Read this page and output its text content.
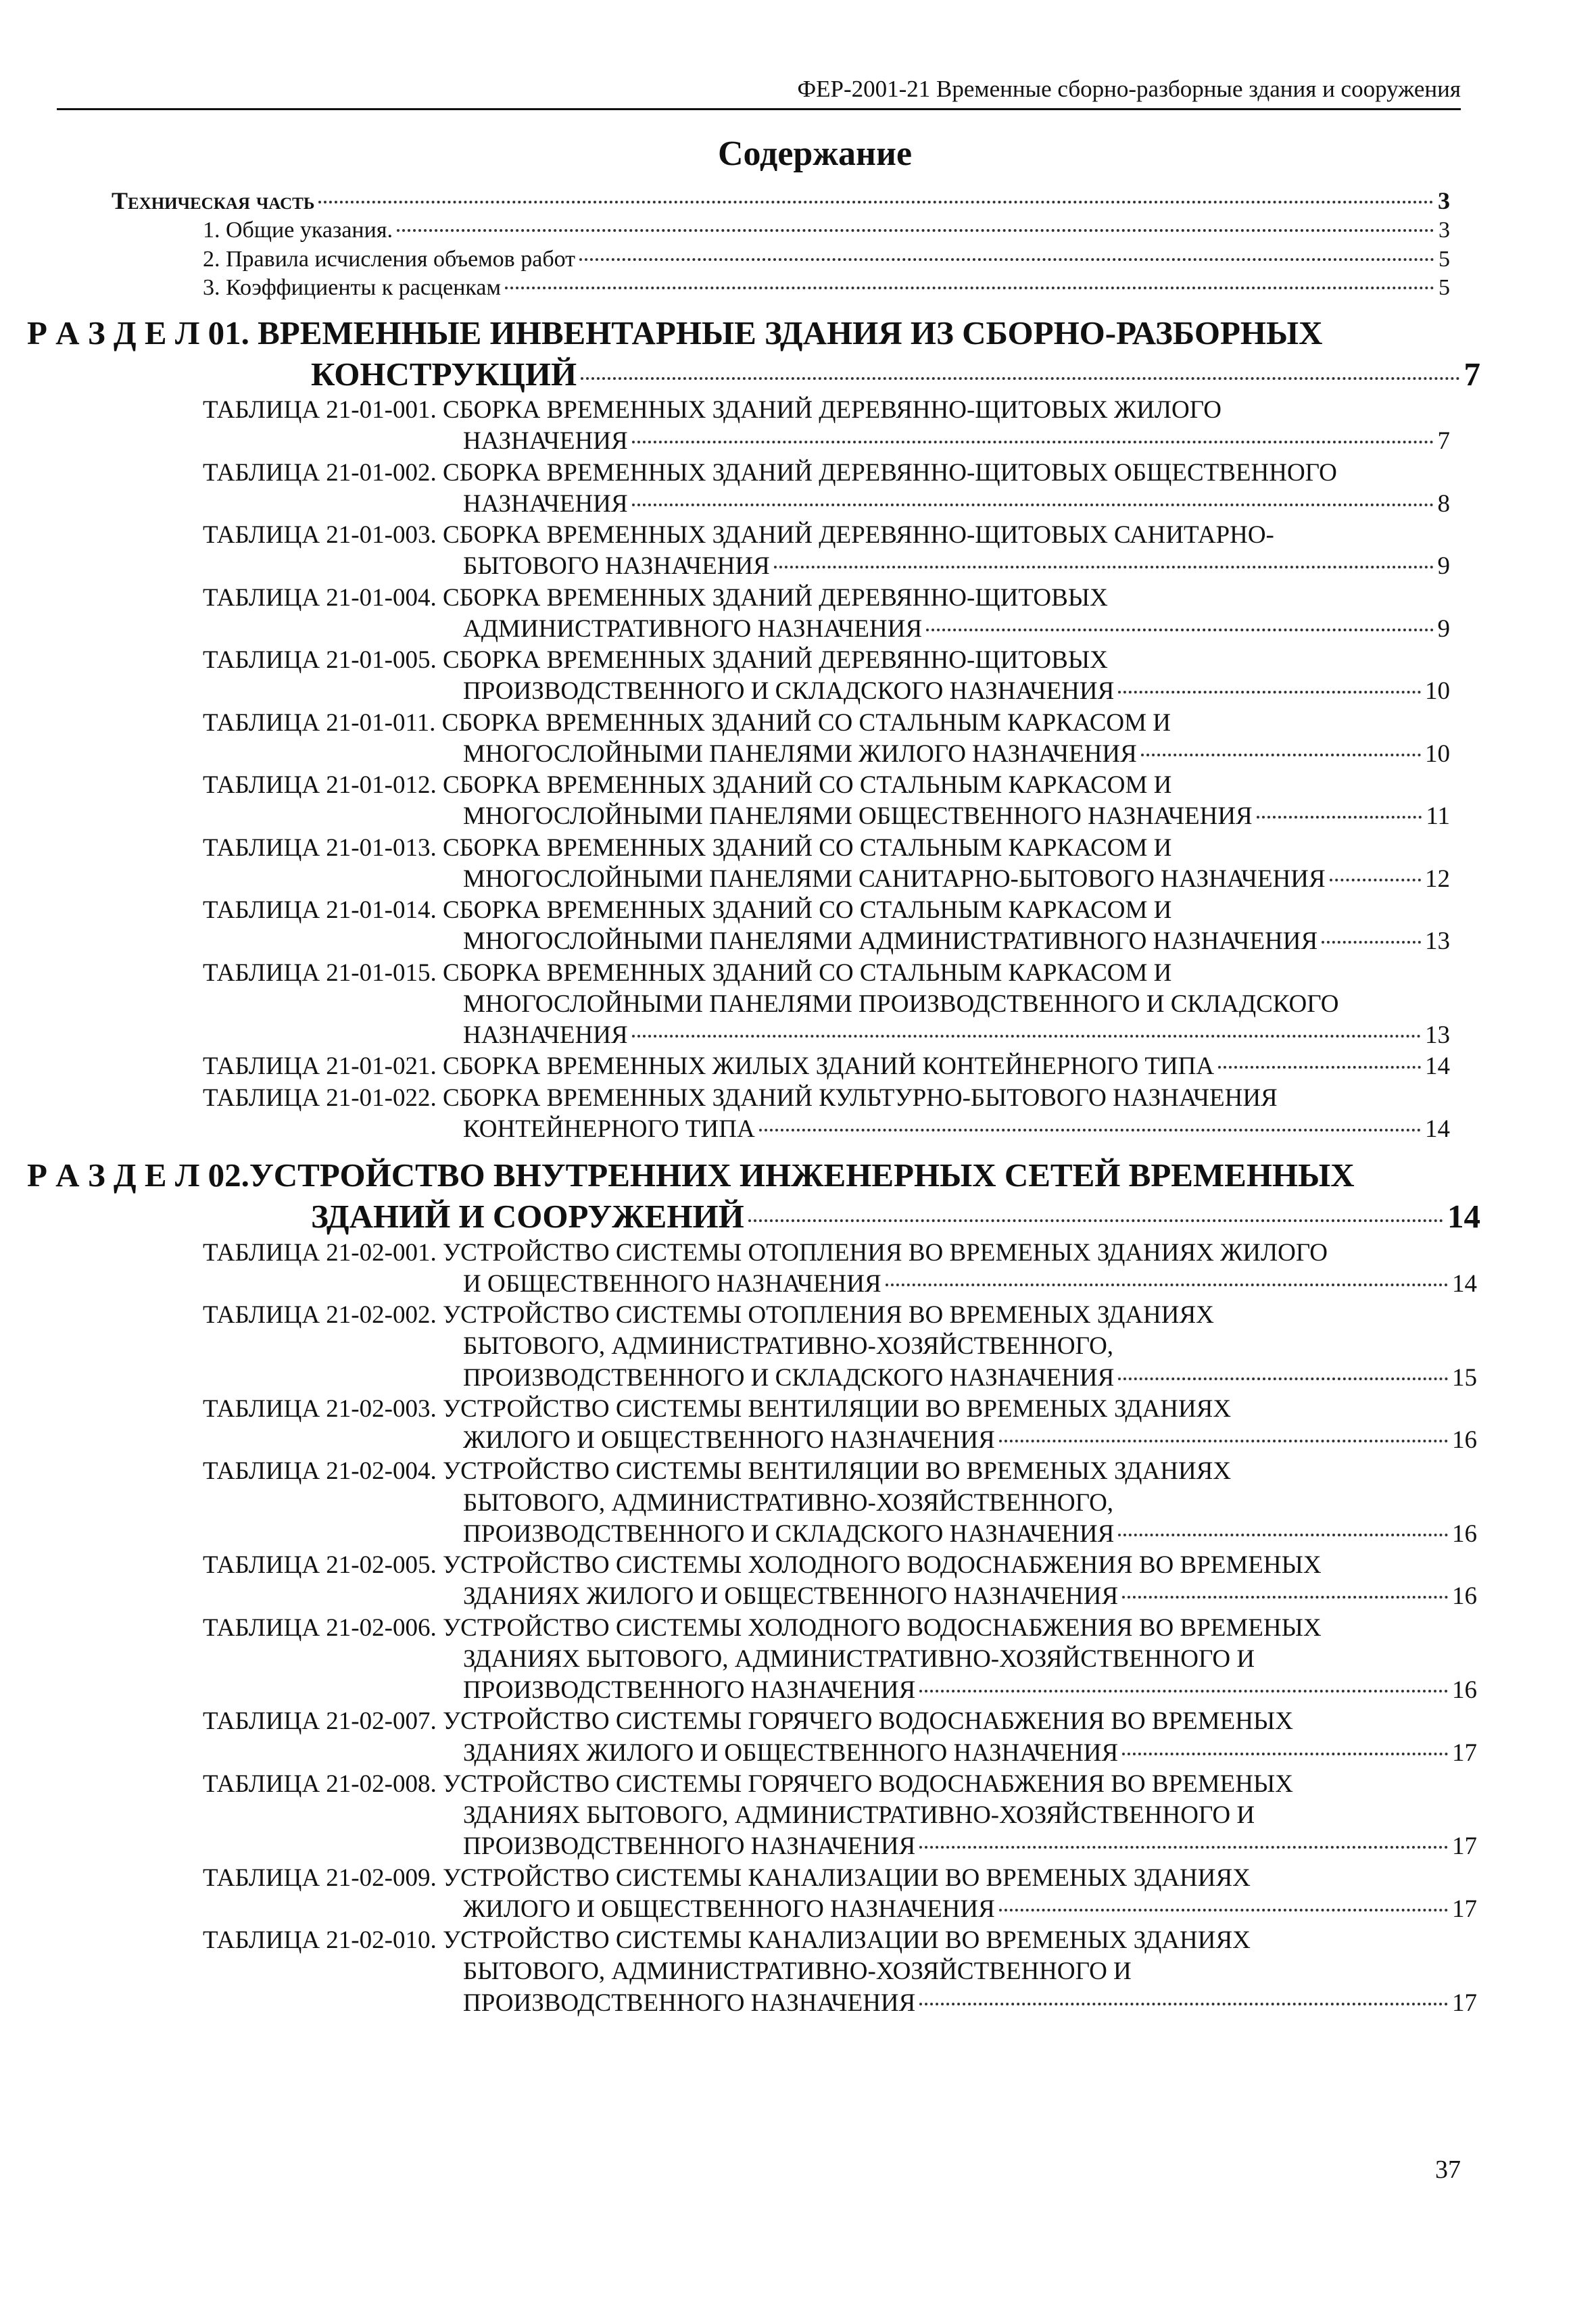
ФЕР-2001-21 Временные сборно-разборные здания и сооружения
Содержание
Техническая часть	3
1. Общие указания.	3
2. Правила исчисления объемов работ	5
3. Коэффициенты к расценкам	5
Р А З Д Е Л 01. ВРЕМЕННЫЕ ИНВЕНТАРНЫЕ ЗДАНИЯ ИЗ СБОРНО-РАЗБОРНЫХ
КОНСТРУКЦИЙ	7
ТАБЛИЦА 21-01-001. СБОРКА ВРЕМЕННЫХ ЗДАНИЙ ДЕРЕВЯННО-ЩИТОВЫХ ЖИЛОГО
НАЗНАЧЕНИЯ	7
ТАБЛИЦА 21-01-002. СБОРКА ВРЕМЕННЫХ ЗДАНИЙ ДЕРЕВЯННО-ЩИТОВЫХ ОБЩЕСТВЕННОГО
НАЗНАЧЕНИЯ	8
ТАБЛИЦА 21-01-003. СБОРКА ВРЕМЕННЫХ ЗДАНИЙ ДЕРЕВЯННО-ЩИТОВЫХ САНИТАРНО-
БЫТОВОГО НАЗНАЧЕНИЯ	9
ТАБЛИЦА 21-01-004. СБОРКА ВРЕМЕННЫХ ЗДАНИЙ ДЕРЕВЯННО-ЩИТОВЫХ
АДМИНИСТРАТИВНОГО НАЗНАЧЕНИЯ	9
ТАБЛИЦА 21-01-005. СБОРКА ВРЕМЕННЫХ ЗДАНИЙ ДЕРЕВЯННО-ЩИТОВЫХ
ПРОИЗВОДСТВЕННОГО И СКЛАДСКОГО НАЗНАЧЕНИЯ	10
ТАБЛИЦА 21-01-011. СБОРКА ВРЕМЕННЫХ ЗДАНИЙ СО СТАЛЬНЫМ КАРКАСОМ И
МНОГОСЛОЙНЫМИ ПАНЕЛЯМИ ЖИЛОГО НАЗНАЧЕНИЯ	10
ТАБЛИЦА 21-01-012. СБОРКА ВРЕМЕННЫХ ЗДАНИЙ СО СТАЛЬНЫМ КАРКАСОМ И
МНОГОСЛОЙНЫМИ ПАНЕЛЯМИ ОБЩЕСТВЕННОГО НАЗНАЧЕНИЯ	11
ТАБЛИЦА 21-01-013. СБОРКА ВРЕМЕННЫХ ЗДАНИЙ СО СТАЛЬНЫМ КАРКАСОМ И
МНОГОСЛОЙНЫМИ ПАНЕЛЯМИ САНИТАРНО-БЫТОВОГО НАЗНАЧЕНИЯ	12
ТАБЛИЦА 21-01-014. СБОРКА ВРЕМЕННЫХ ЗДАНИЙ СО СТАЛЬНЫМ КАРКАСОМ И
МНОГОСЛОЙНЫМИ ПАНЕЛЯМИ АДМИНИСТРАТИВНОГО НАЗНАЧЕНИЯ	13
ТАБЛИЦА 21-01-015. СБОРКА ВРЕМЕННЫХ ЗДАНИЙ СО СТАЛЬНЫМ КАРКАСОМ И
МНОГОСЛОЙНЫМИ ПАНЕЛЯМИ ПРОИЗВОДСТВЕННОГО И СКЛАДСКОГО
НАЗНАЧЕНИЯ	13
ТАБЛИЦА 21-01-021. СБОРКА ВРЕМЕННЫХ ЖИЛЫХ ЗДАНИЙ КОНТЕЙНЕРНОГО ТИПА	14
ТАБЛИЦА 21-01-022. СБОРКА ВРЕМЕННЫХ ЗДАНИЙ КУЛЬТУРНО-БЫТОВОГО НАЗНАЧЕНИЯ
КОНТЕЙНЕРНОГО ТИПА	14
Р А З Д Е Л 02.УСТРОЙСТВО ВНУТРЕННИХ ИНЖЕНЕРНЫХ СЕТЕЙ ВРЕМЕННЫХ
ЗДАНИЙ И СООРУЖЕНИЙ	14
ТАБЛИЦА 21-02-001. УСТРОЙСТВО СИСТЕМЫ ОТОПЛЕНИЯ ВО ВРЕМЕНЫХ ЗДАНИЯХ ЖИЛОГО
И ОБЩЕСТВЕННОГО НАЗНАЧЕНИЯ	14
ТАБЛИЦА 21-02-002. УСТРОЙСТВО СИСТЕМЫ ОТОПЛЕНИЯ ВО ВРЕМЕНЫХ ЗДАНИЯХ
БЫТОВОГО, АДМИНИСТРАТИВНО-ХОЗЯЙСТВЕННОГО,
ПРОИЗВОДСТВЕННОГО И СКЛАДСКОГО НАЗНАЧЕНИЯ	15
ТАБЛИЦА 21-02-003. УСТРОЙСТВО СИСТЕМЫ ВЕНТИЛЯЦИИ ВО ВРЕМЕНЫХ ЗДАНИЯХ
ЖИЛОГО И ОБЩЕСТВЕННОГО НАЗНАЧЕНИЯ	16
ТАБЛИЦА 21-02-004. УСТРОЙСТВО СИСТЕМЫ ВЕНТИЛЯЦИИ ВО ВРЕМЕНЫХ ЗДАНИЯХ
БЫТОВОГО, АДМИНИСТРАТИВНО-ХОЗЯЙСТВЕННОГО,
ПРОИЗВОДСТВЕННОГО И СКЛАДСКОГО НАЗНАЧЕНИЯ	16
ТАБЛИЦА 21-02-005. УСТРОЙСТВО СИСТЕМЫ ХОЛОДНОГО ВОДОСНАБЖЕНИЯ ВО ВРЕМЕНЫХ
ЗДАНИЯХ ЖИЛОГО И ОБЩЕСТВЕННОГО НАЗНАЧЕНИЯ	16
ТАБЛИЦА 21-02-006. УСТРОЙСТВО СИСТЕМЫ ХОЛОДНОГО ВОДОСНАБЖЕНИЯ ВО ВРЕМЕНЫХ
ЗДАНИЯХ БЫТОВОГО, АДМИНИСТРАТИВНО-ХОЗЯЙСТВЕННОГО И
ПРОИЗВОДСТВЕННОГО НАЗНАЧЕНИЯ	16
ТАБЛИЦА 21-02-007. УСТРОЙСТВО СИСТЕМЫ ГОРЯЧЕГО ВОДОСНАБЖЕНИЯ ВО ВРЕМЕНЫХ
ЗДАНИЯХ ЖИЛОГО И ОБЩЕСТВЕННОГО НАЗНАЧЕНИЯ	17
ТАБЛИЦА 21-02-008. УСТРОЙСТВО СИСТЕМЫ ГОРЯЧЕГО ВОДОСНАБЖЕНИЯ ВО ВРЕМЕНЫХ
ЗДАНИЯХ БЫТОВОГО, АДМИНИСТРАТИВНО-ХОЗЯЙСТВЕННОГО И
ПРОИЗВОДСТВЕННОГО НАЗНАЧЕНИЯ	17
ТАБЛИЦА 21-02-009. УСТРОЙСТВО СИСТЕМЫ КАНАЛИЗАЦИИ ВО ВРЕМЕНЫХ ЗДАНИЯХ
ЖИЛОГО И ОБЩЕСТВЕННОГО НАЗНАЧЕНИЯ	17
ТАБЛИЦА 21-02-010. УСТРОЙСТВО СИСТЕМЫ КАНАЛИЗАЦИИ ВО ВРЕМЕНЫХ ЗДАНИЯХ
БЫТОВОГО, АДМИНИСТРАТИВНО-ХОЗЯЙСТВЕННОГО И
ПРОИЗВОДСТВЕННОГО НАЗНАЧЕНИЯ	17
37
